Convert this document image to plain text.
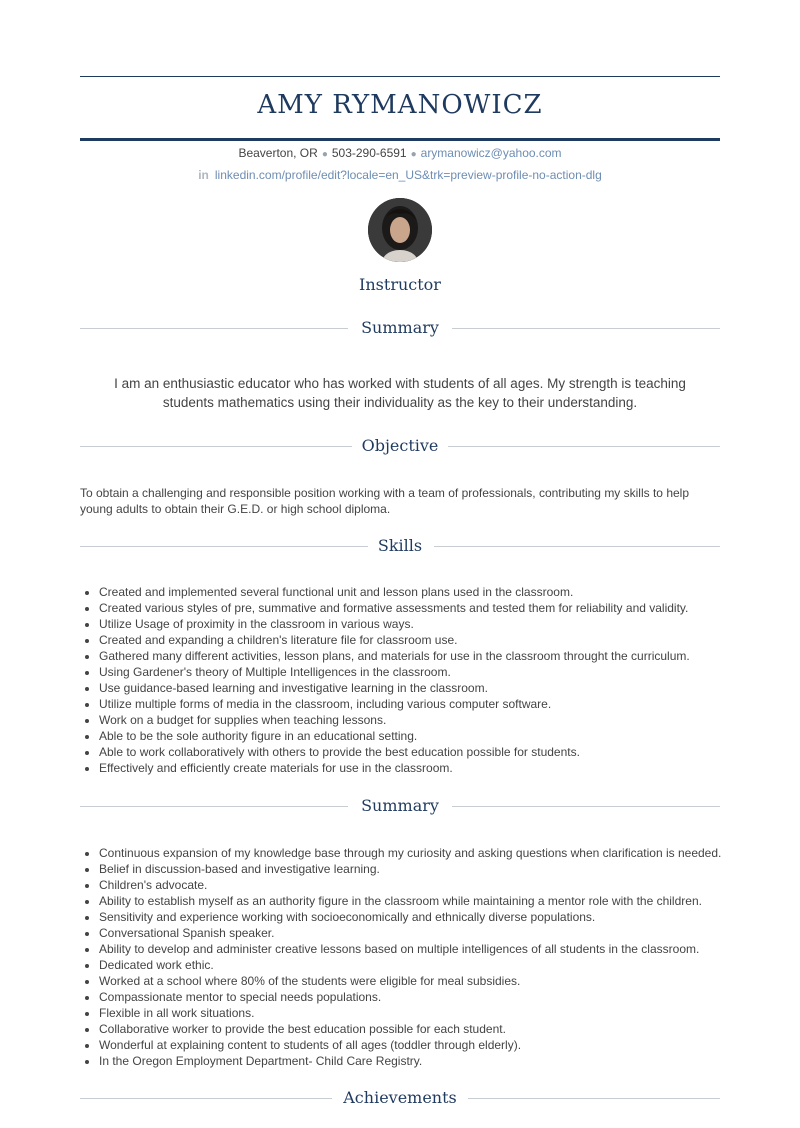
AMY RYMANOWICZ
Beaverton, OR ● 503-290-6591 ● arymanowicz@yahoo.com
in linkedin.com/profile/edit?locale=en_US&trk=preview-profile-no-action-dlg
Instructor
Summary
I am an enthusiastic educator who has worked with students of all ages. My strength is teaching students mathematics using their individuality as the key to their understanding.
Objective
To obtain a challenging and responsible position working with a team of professionals, contributing my skills to help young adults to obtain their G.E.D. or high school diploma.
Skills
• Created and implemented several functional unit and lesson plans used in the classroom.
• Created various styles of pre, summative and formative assessments and tested them for reliability and validity.
• Utilize Usage of proximity in the classroom in various ways.
• Created and expanding a children's literature file for classroom use.
• Gathered many different activities, lesson plans, and materials for use in the classroom throught the curriculum.
• Using Gardener's theory of Multiple Intelligences in the classroom.
• Use guidance-based learning and investigative learning in the classroom.
• Utilize multiple forms of media in the classroom, including various computer software.
• Work on a budget for supplies when teaching lessons.
• Able to be the sole authority figure in an educational setting.
• Able to work collaboratively with others to provide the best education possible for students.
• Effectively and efficiently create materials for use in the classroom.
Summary
• Continuous expansion of my knowledge base through my curiosity and asking questions when clarification is needed.
• Belief in discussion-based and investigative learning.
• Children's advocate.
• Ability to establish myself as an authority figure in the classroom while maintaining a mentor role with the children.
• Sensitivity and experience working with socioeconomically and ethnically diverse populations.
• Conversational Spanish speaker.
• Ability to develop and administer creative lessons based on multiple intelligences of all students in the classroom.
• Dedicated work ethic.
• Worked at a school where 80% of the students were eligible for meal subsidies.
• Compassionate mentor to special needs populations.
• Flexible in all work situations.
• Collaborative worker to provide the best education possible for each student.
• Wonderful at explaining content to students of all ages (toddler through elderly).
• In the Oregon Employment Department- Child Care Registry.
Achievements
